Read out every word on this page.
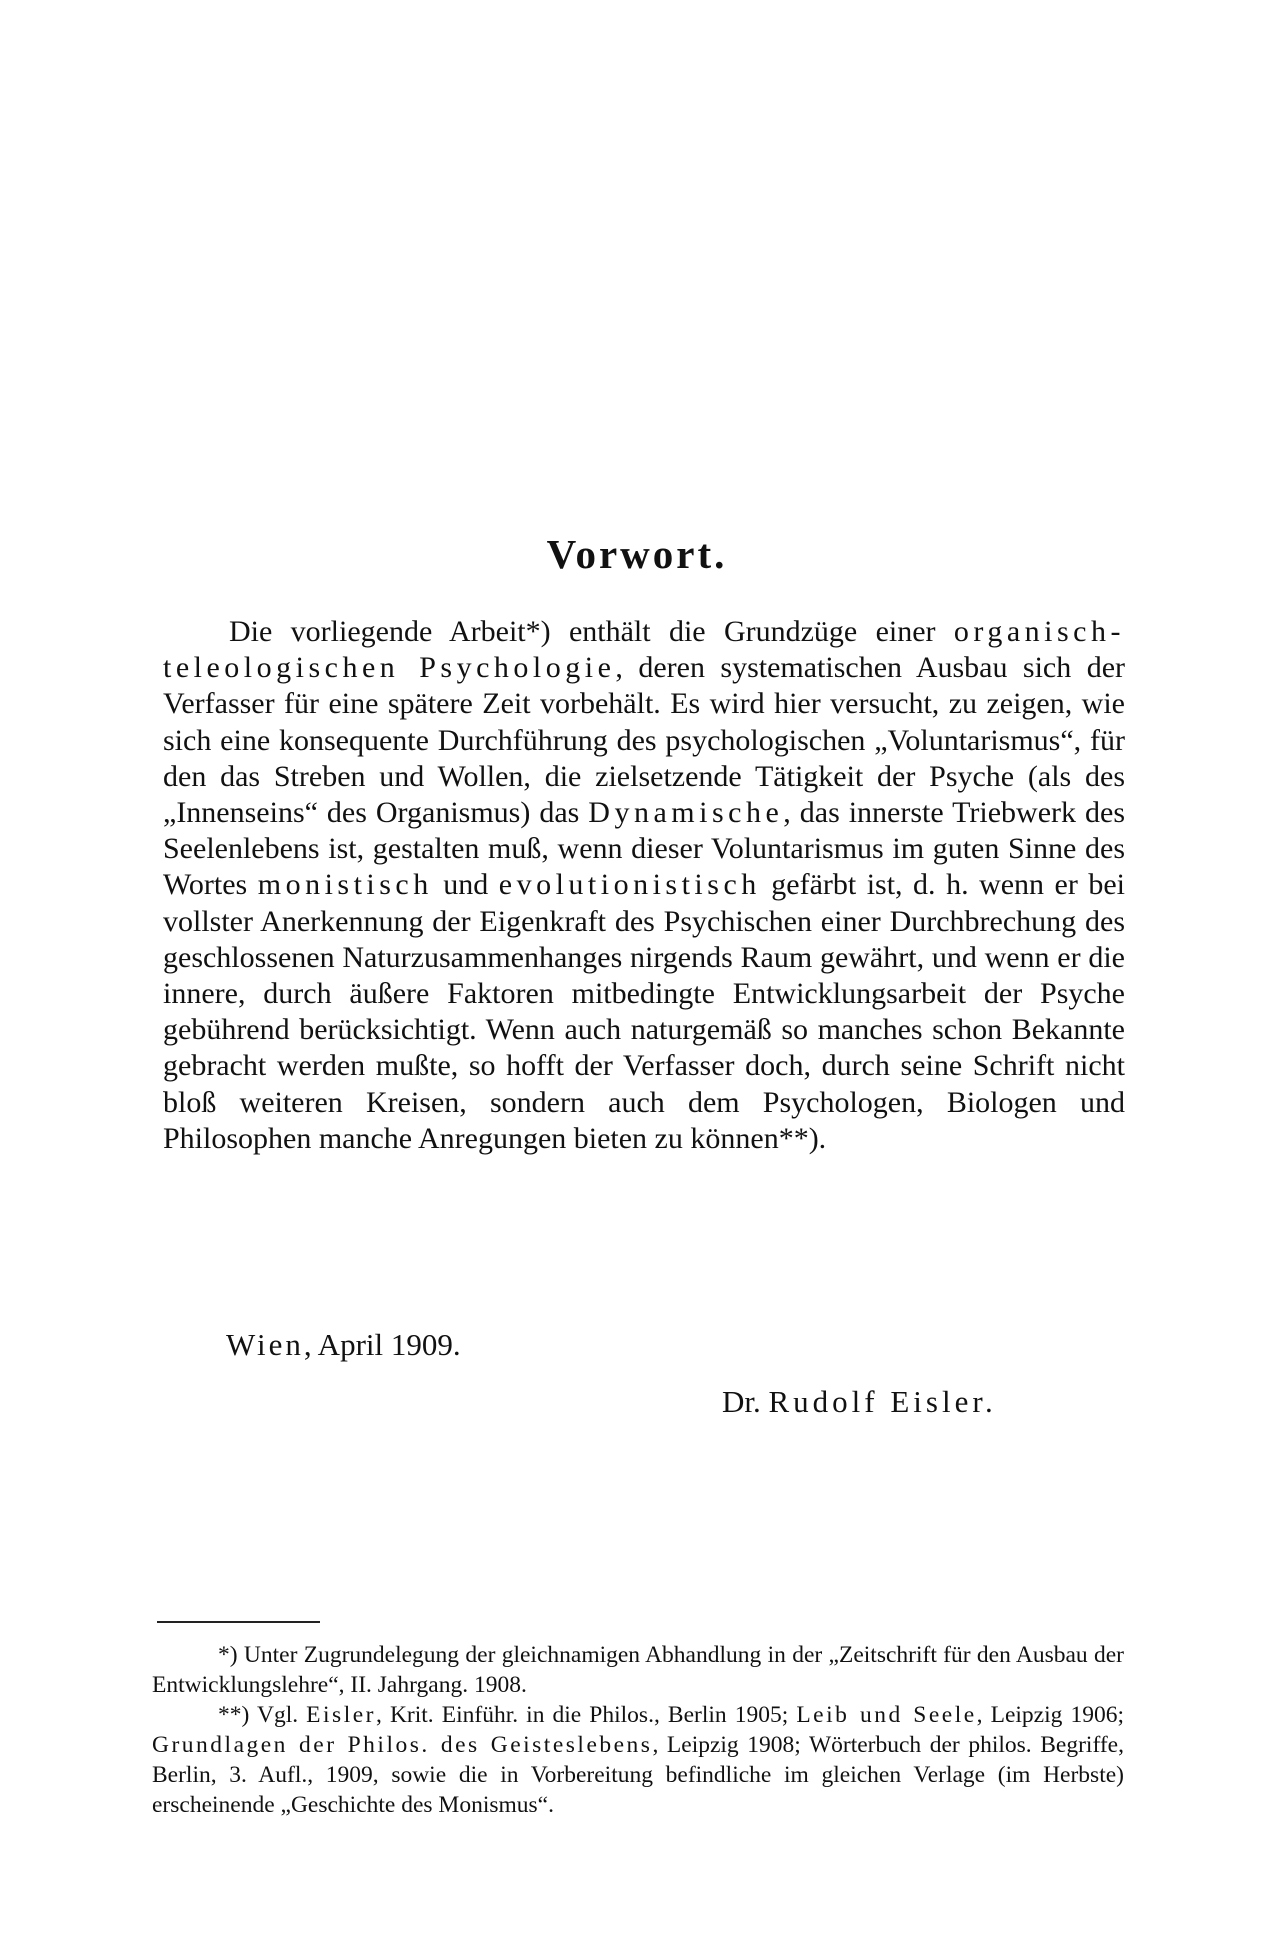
Vorwort.

Die vorliegende Arbeit*) enthält die Grundzüge einer organisch-teleologischen Psychologie, deren systematischen Ausbau sich der Verfasser für eine spätere Zeit vorbehält. Es wird hier versucht, zu zeigen, wie sich eine konsequente Durchführung des psychologischen „Voluntarismus“, für den das Streben und Wollen, die zielsetzende Tätigkeit der Psyche (als des „Innenseins“ des Organismus) das Dynamische, das innerste Triebwerk des Seelenlebens ist, gestalten muß, wenn dieser Voluntarismus im guten Sinne des Wortes monistisch und evolutionistisch gefärbt ist, d. h. wenn er bei vollster Anerkennung der Eigenkraft des Psychischen einer Durchbrechung des geschlossenen Naturzusammenhanges nirgends Raum gewährt, und wenn er die innere, durch äußere Faktoren mitbedingte Entwicklungsarbeit der Psyche gebührend berücksichtigt. Wenn auch naturgemäß so manches schon Bekannte gebracht werden mußte, so hofft der Verfasser doch, durch seine Schrift nicht bloß weiteren Kreisen, sondern auch dem Psychologen, Biologen und Philosophen manche Anregungen bieten zu können**).

Wien, April 1909.

Dr. Rudolf Eisler.

*) Unter Zugrundelegung der gleichnamigen Abhandlung in der „Zeitschrift für den Ausbau der Entwicklungslehre“, II. Jahrgang. 1908.

**) Vgl. Eisler, Krit. Einführ. in die Philos., Berlin 1905; Leib und Seele, Leipzig 1906; Grundlagen der Philos. des Geisteslebens, Leipzig 1908; Wörterbuch der philos. Begriffe, Berlin, 3. Aufl., 1909, sowie die in Vorbereitung befindliche im gleichen Verlage (im Herbste) erscheinende „Geschichte des Monismus“.
